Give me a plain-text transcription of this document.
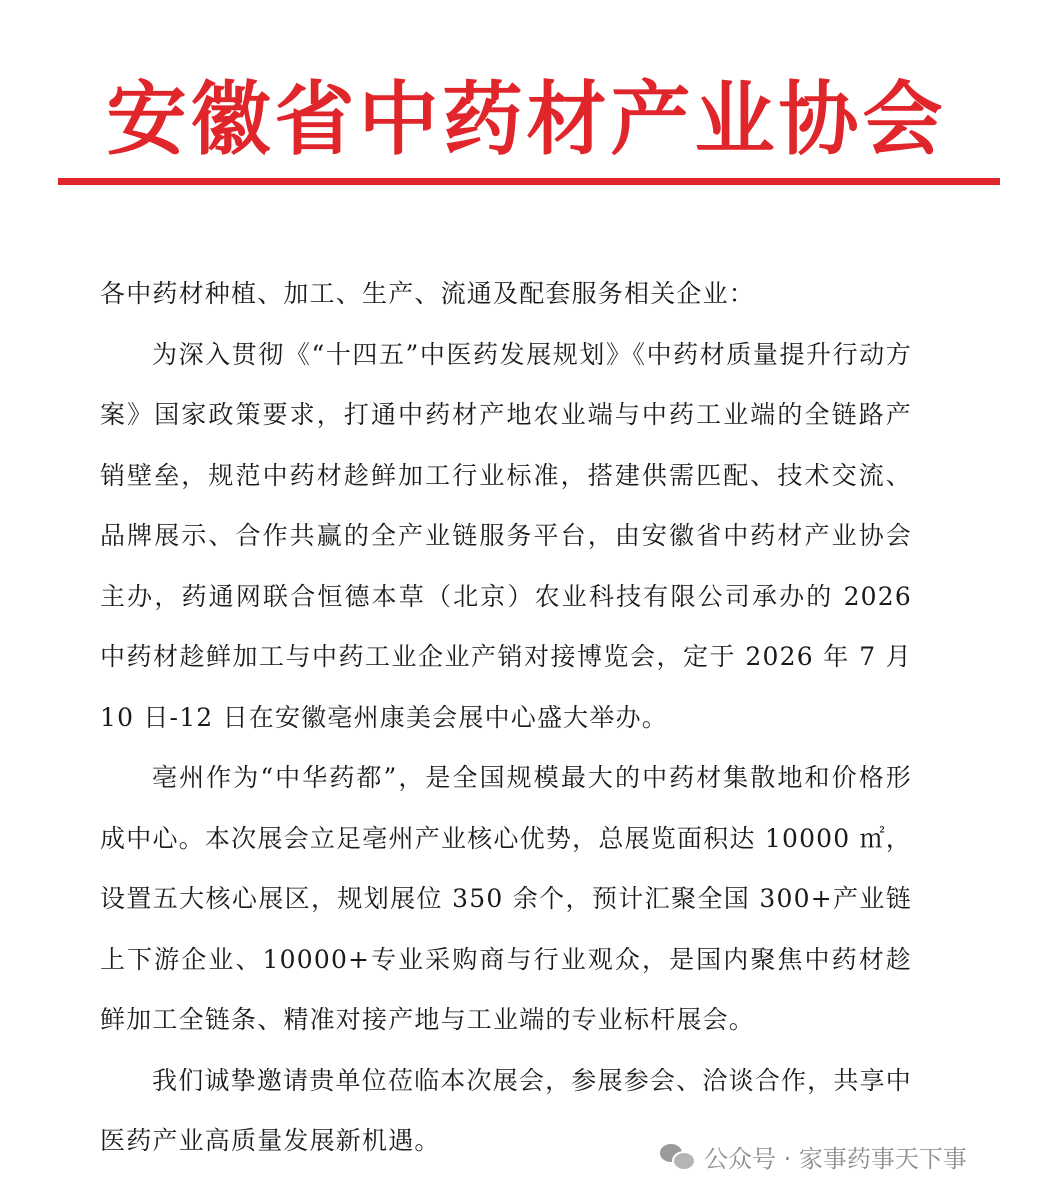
安徽省中药材产业协会

各中药材种植、加工、生产、流通及配套服务相关企业：

为深入贯彻《“十四五”中医药发展规划》《中药材质量提升行动方案》国家政策要求，打通中药材产地农业端与中药工业端的全链路产销壁垒，规范中药材趁鲜加工行业标准，搭建供需匹配、技术交流、品牌展示、合作共赢的全产业链服务平台，由安徽省中药材产业协会主办，药通网联合恒德本草（北京）农业科技有限公司承办的 2026 中药材趁鲜加工与中药工业企业产销对接博览会，定于 2026 年 7 月 10 日-12 日在安徽亳州康美会展中心盛大举办。

亳州作为“中华药都”，是全国规模最大的中药材集散地和价格形成中心。本次展会立足亳州产业核心优势，总展览面积达 10000 ㎡，设置五大核心展区，规划展位 350 余个，预计汇聚全国 300+产业链上下游企业、10000+专业采购商与行业观众，是国内聚焦中药材趁鲜加工全链条、精准对接产地与工业端的专业标杆展会。

我们诚挚邀请贵单位莅临本次展会，参展参会、洽谈合作，共享中医药产业高质量发展新机遇。

公众号 · 家事药事天下事
